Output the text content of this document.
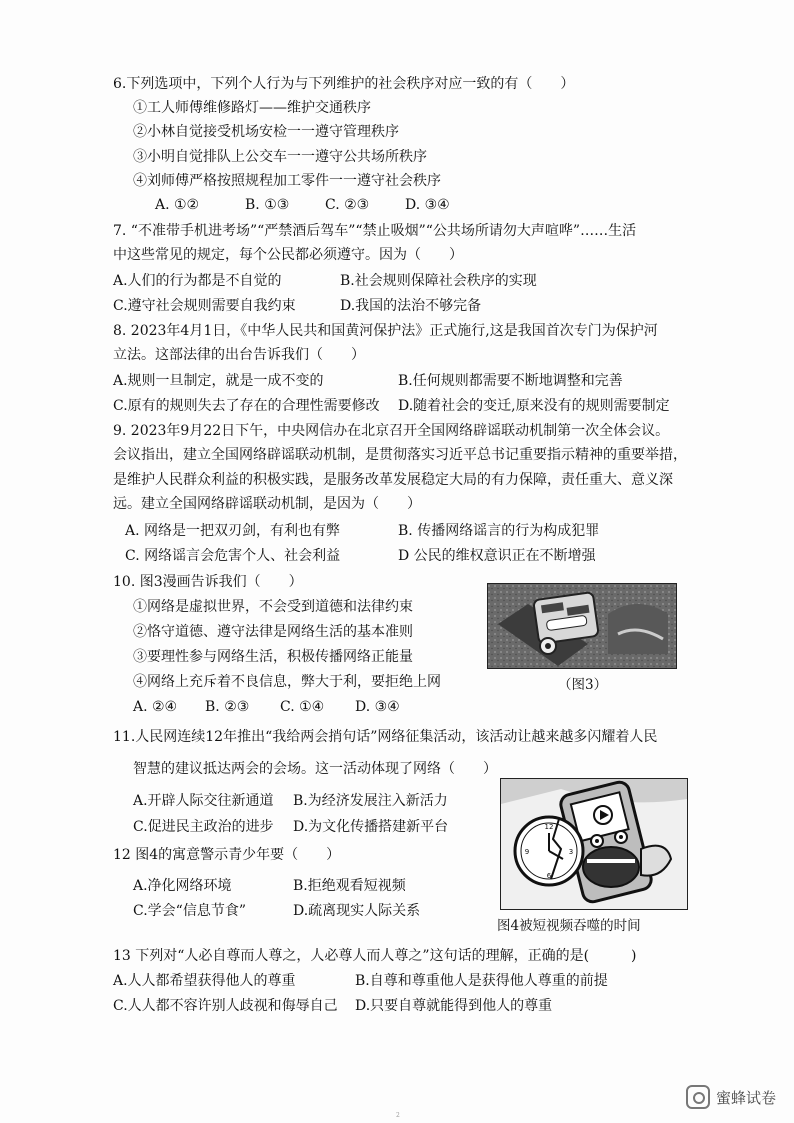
6.下列选项中，下列个人行为与下列维护的社会秩序对应一致的有（　　）
①工人师傅维修路灯——维护交通秩序
②小林自觉接受机场安检一一遵守管理秩序
③小明自觉排队上公交车一一遵守公共场所秩序
④刘师傅严格按照规程加工零件一一遵守社会秩序
A. ①②	B. ①③	C. ②③	D. ③④
7. “不准带手机进考场”“严禁酒后驾车”“禁止吸烟”“公共场所请勿大声喧哗”……生活
中这些常见的规定，每个公民都必须遵守。因为（　　）
A.人们的行为都是不自觉的	B.社会规则保障社会秩序的实现
C.遵守社会规则需要自我约束	D.我国的法治不够完备
8. 2023年4月1日，《中华人民共和国黄河保护法》正式施行,这是我国首次专门为保护河
立法。这部法律的出台告诉我们（　　）
A.规则一旦制定，就是一成不变的	B.任何规则都需要不断地调整和完善
C.原有的规则失去了存在的合理性需要修改 D.随着社会的变迁,原来没有的规则需要制定
9. 2023年9月22日下午，中央网信办在北京召开全国网络辟谣联动机制第一次全体会议。
会议指出，建立全国网络辟谣联动机制，是贯彻落实习近平总书记重要指示精神的重要举措，
是维护人民群众利益的积极实践，是服务改革发展稳定大局的有力保障，责任重大、意义深
远。建立全国网络辟谣联动机制，是因为（　　）
A. 网络是一把双刃剑，有利也有弊	B. 传播网络谣言的行为构成犯罪
C. 网络谣言会危害个人、社会利益	D 公民的维权意识正在不断增强
10. 图3漫画告诉我们（　　）
①网络是虚拟世界，不会受到道德和法律约束
②恪守道德、遵守法律是网络生活的基本准则
③要理性参与网络生活，积极传播网络正能量
④网络上充斥着不良信息，弊大于利，要拒绝上网
A. ②④ B. ②③ C. ①④ D. ③④
（图3）
11.人民网连续12年推出“我给两会捎句话”网络征集活动，该活动让越来越多闪耀着人民
智慧的建议抵达两会的会场。这一活动体现了网络（　　）
A.开辟人际交往新通道 B.为经济发展注入新活力
C.促进民主政治的进步 D.为文化传播搭建新平台	12
3
6
9
图4被短视频吞噬的时间
12 图4的寓意警示青少年要（　　）
A.净化网络环境	B.拒绝观看短视频
C.学会“信息节食”	D.疏离现实人际关系
13 下列对“人必自尊而人尊之，人必尊人而人尊之”这句话的理解，正确的是(　　　)
A.人人都希望获得他人的尊重	B.自尊和尊重他人是获得他人尊重的前提
C.人人都不容许别人歧视和侮辱自己 D.只要自尊就能得到他人的尊重
蜜蜂试卷
2
